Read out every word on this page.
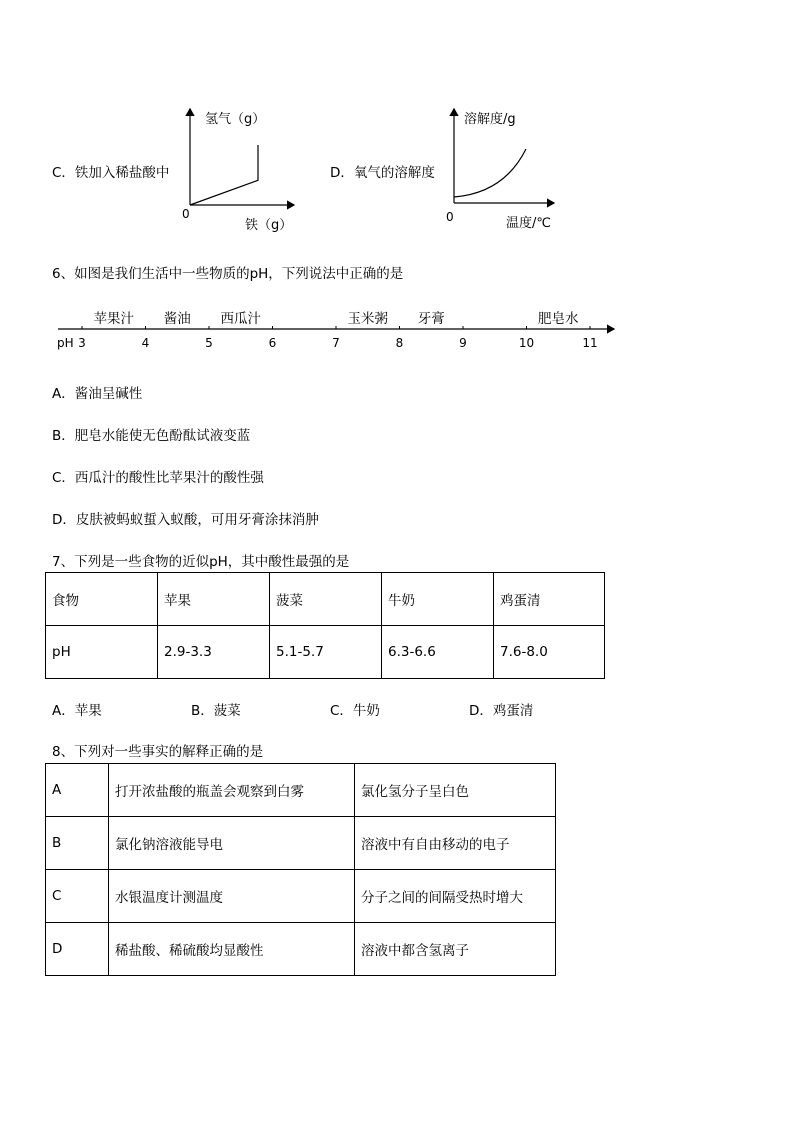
C．铁加入稀盐酸中
氢气（g）
0
铁（g）
D．氧气的溶解度
溶解度/g
0	温度/℃
6、如图是我们生活中一些物质的pH，下列说法中正确的是
pH 3	4	5	6	7	8	9	10	11
苹果汁 酱油 西瓜汁	玉米粥 牙膏	肥皂水
A．酱油呈碱性
B．肥皂水能使无色酚酞试液变蓝
C．西瓜汁的酸性比苹果汁的酸性强
D．皮肤被蚂蚁蜇入蚁酸，可用牙膏涂抹消肿
7、下列是一些食物的近似pH，其中酸性最强的是
食物	苹果	菠菜	牛奶	鸡蛋清
pH	2.9-3.3	5.1-5.7	6.3-6.6	7.6-8.0
A．苹果	B．菠菜	C．牛奶	D．鸡蛋清
8、下列对一些事实的解释正确的是
A	打开浓盐酸的瓶盖会观察到白雾	氯化氢分子呈白色
B	氯化钠溶液能导电	溶液中有自由移动的电子
C	水银温度计测温度	分子之间的间隔受热时增大
D	稀盐酸、稀硫酸均显酸性	溶液中都含氢离子
